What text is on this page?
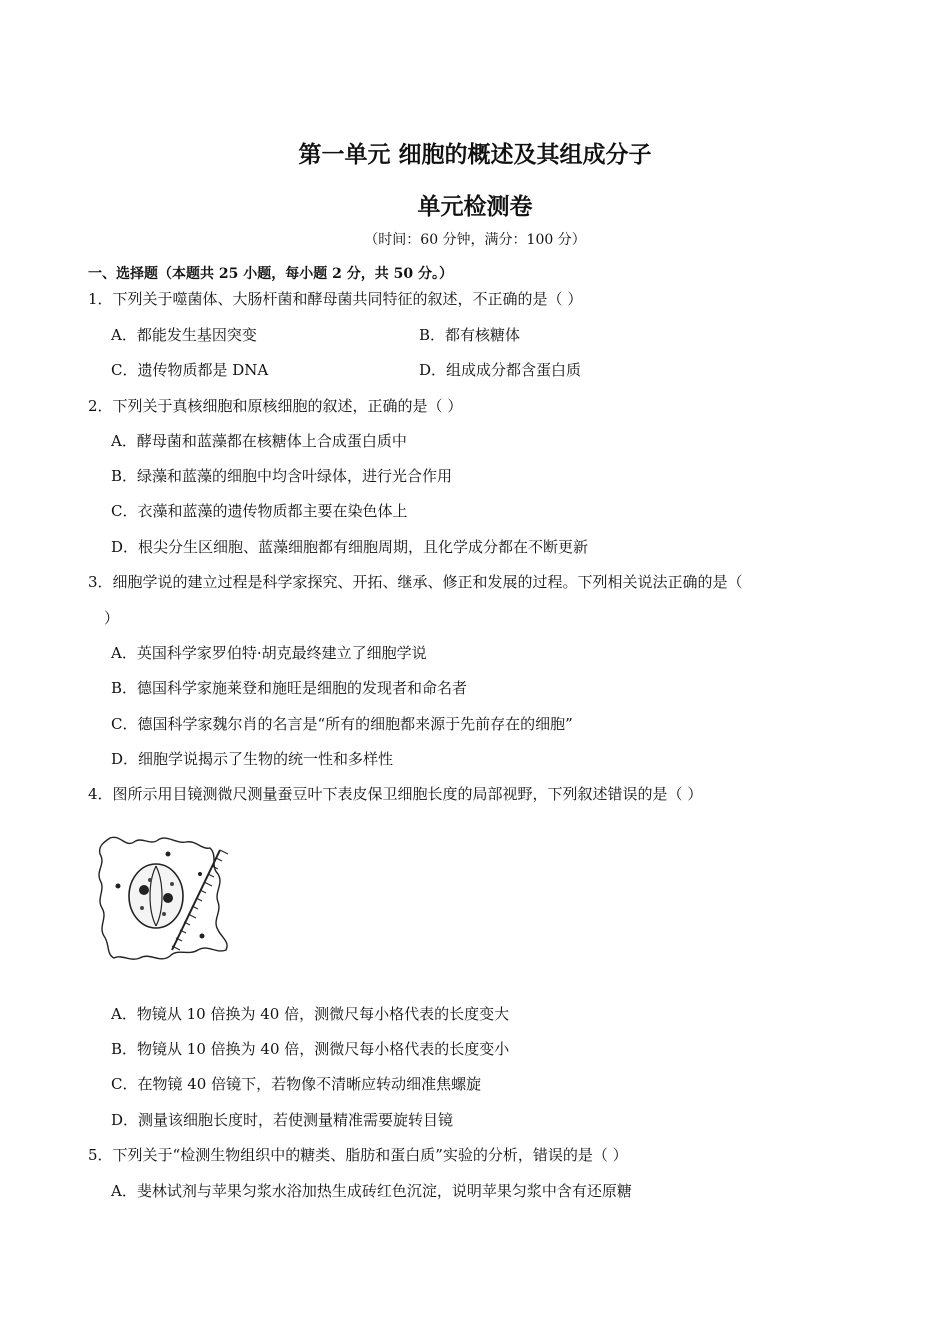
第一单元 细胞的概述及其组成分子
单元检测卷
（时间：60 分钟，满分：100 分）
一、选择题（本题共 25 小题，每小题 2 分，共 50 分。）
1．下列关于噬菌体、大肠杆菌和酵母菌共同特征的叙述，不正确的是（ ）
A．都能发生基因突变	B．都有核糖体
C．遗传物质都是 DNA	D．组成成分都含蛋白质
2．下列关于真核细胞和原核细胞的叙述，正确的是（ ）
A．酵母菌和蓝藻都在核糖体上合成蛋白质中
B．绿藻和蓝藻的细胞中均含叶绿体，进行光合作用
C．衣藻和蓝藻的遗传物质都主要在染色体上
D．根尖分生区细胞、蓝藻细胞都有细胞周期，且化学成分都在不断更新
3．细胞学说的建立过程是科学家探究、开拓、继承、修正和发展的过程。下列相关说法正确的是（
）
A．英国科学家罗伯特·胡克最终建立了细胞学说
B．德国科学家施莱登和施旺是细胞的发现者和命名者
C．德国科学家魏尔肖的名言是“所有的细胞都来源于先前存在的细胞”
D．细胞学说揭示了生物的统一性和多样性
4．图所示用目镜测微尺测量蚕豆叶下表皮保卫细胞长度的局部视野，下列叙述错误的是（ ）
A．物镜从 10 倍换为 40 倍，测微尺每小格代表的长度变大
B．物镜从 10 倍换为 40 倍，测微尺每小格代表的长度变小
C．在物镜 40 倍镜下，若物像不清晰应转动细准焦螺旋
D．测量该细胞长度时，若使测量精准需要旋转目镜
5．下列关于“检测生物组织中的糖类、脂肪和蛋白质”实验的分析，错误的是（ ）
A．斐林试剂与苹果匀浆水浴加热生成砖红色沉淀，说明苹果匀浆中含有还原糖
